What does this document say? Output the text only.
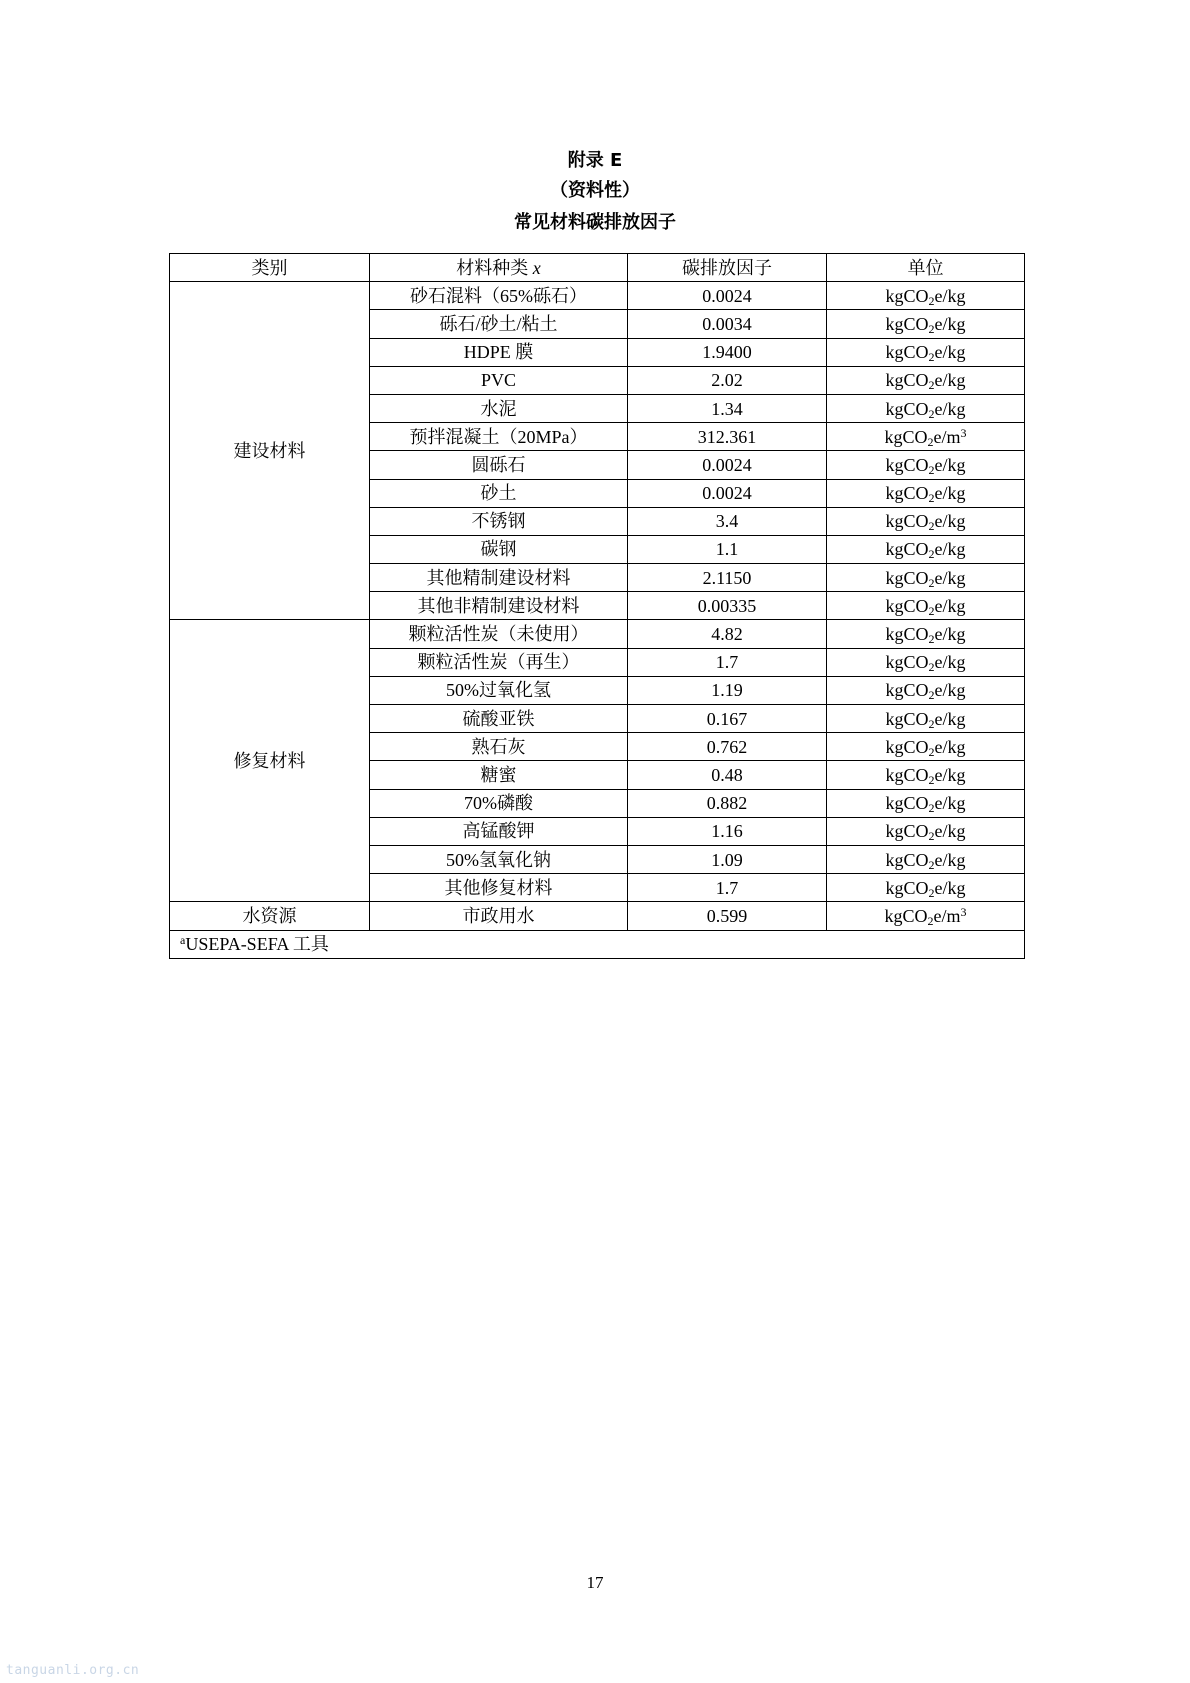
附录 E
（资料性）
常见材料碳排放因子
类别	材料种类 x	碳排放因子	单位
建设材料	砂石混料（65%砾石）	0.0024	kgCO$_2$e/kg
	砾石/砂土/粘土	0.0034	kgCO$_2$e/kg
	HDPE 膜	1.9400	kgCO$_2$e/kg
	PVC	2.02	kgCO$_2$e/kg
	水泥	1.34	kgCO$_2$e/kg
	预拌混凝土（20MPa）	312.361	$kgCO_2e/m^3$
	圆砾石	0.0024	kgCO$_2$e/kg
	砂土	0.0024	kgCO$_2$e/kg
	不锈钢	3.4	kgCO$_2$e/kg
	碳钢	1.1	kgCO$_2$e/kg
	其他精制建设材料	2.1150	kgCO$_2$e/kg
	其他非精制建设材料	0.00335	kgCO$_2$e/kg
修复材料	颗粒活性炭（未使用）	4.82	kgCO$_2$e/kg
	颗粒活性炭（再生）	1.7	kgCO$_2$e/kg
	50%过氧化氢	1.19	kgCO$_2$e/kg
	硫酸亚铁	0.167	kgCO$_2$e/kg
	熟石灰	0.762	kgCO$_2$e/kg
	糖蜜	0.48	kgCO$_2$e/kg
	70%磷酸	0.882	kgCO$_2$e/kg
	高锰酸钾	1.16	kgCO$_2$e/kg
	50%氢氧化钠	1.09	kgCO$_2$e/kg
	其他修复材料	1.7	kgCO$_2$e/kg
水资源	市政用水	0.599	$kgCO_2e/m^3$
$^a$USEPA-SEFA 工具			
17
tanguanli.org.cn
